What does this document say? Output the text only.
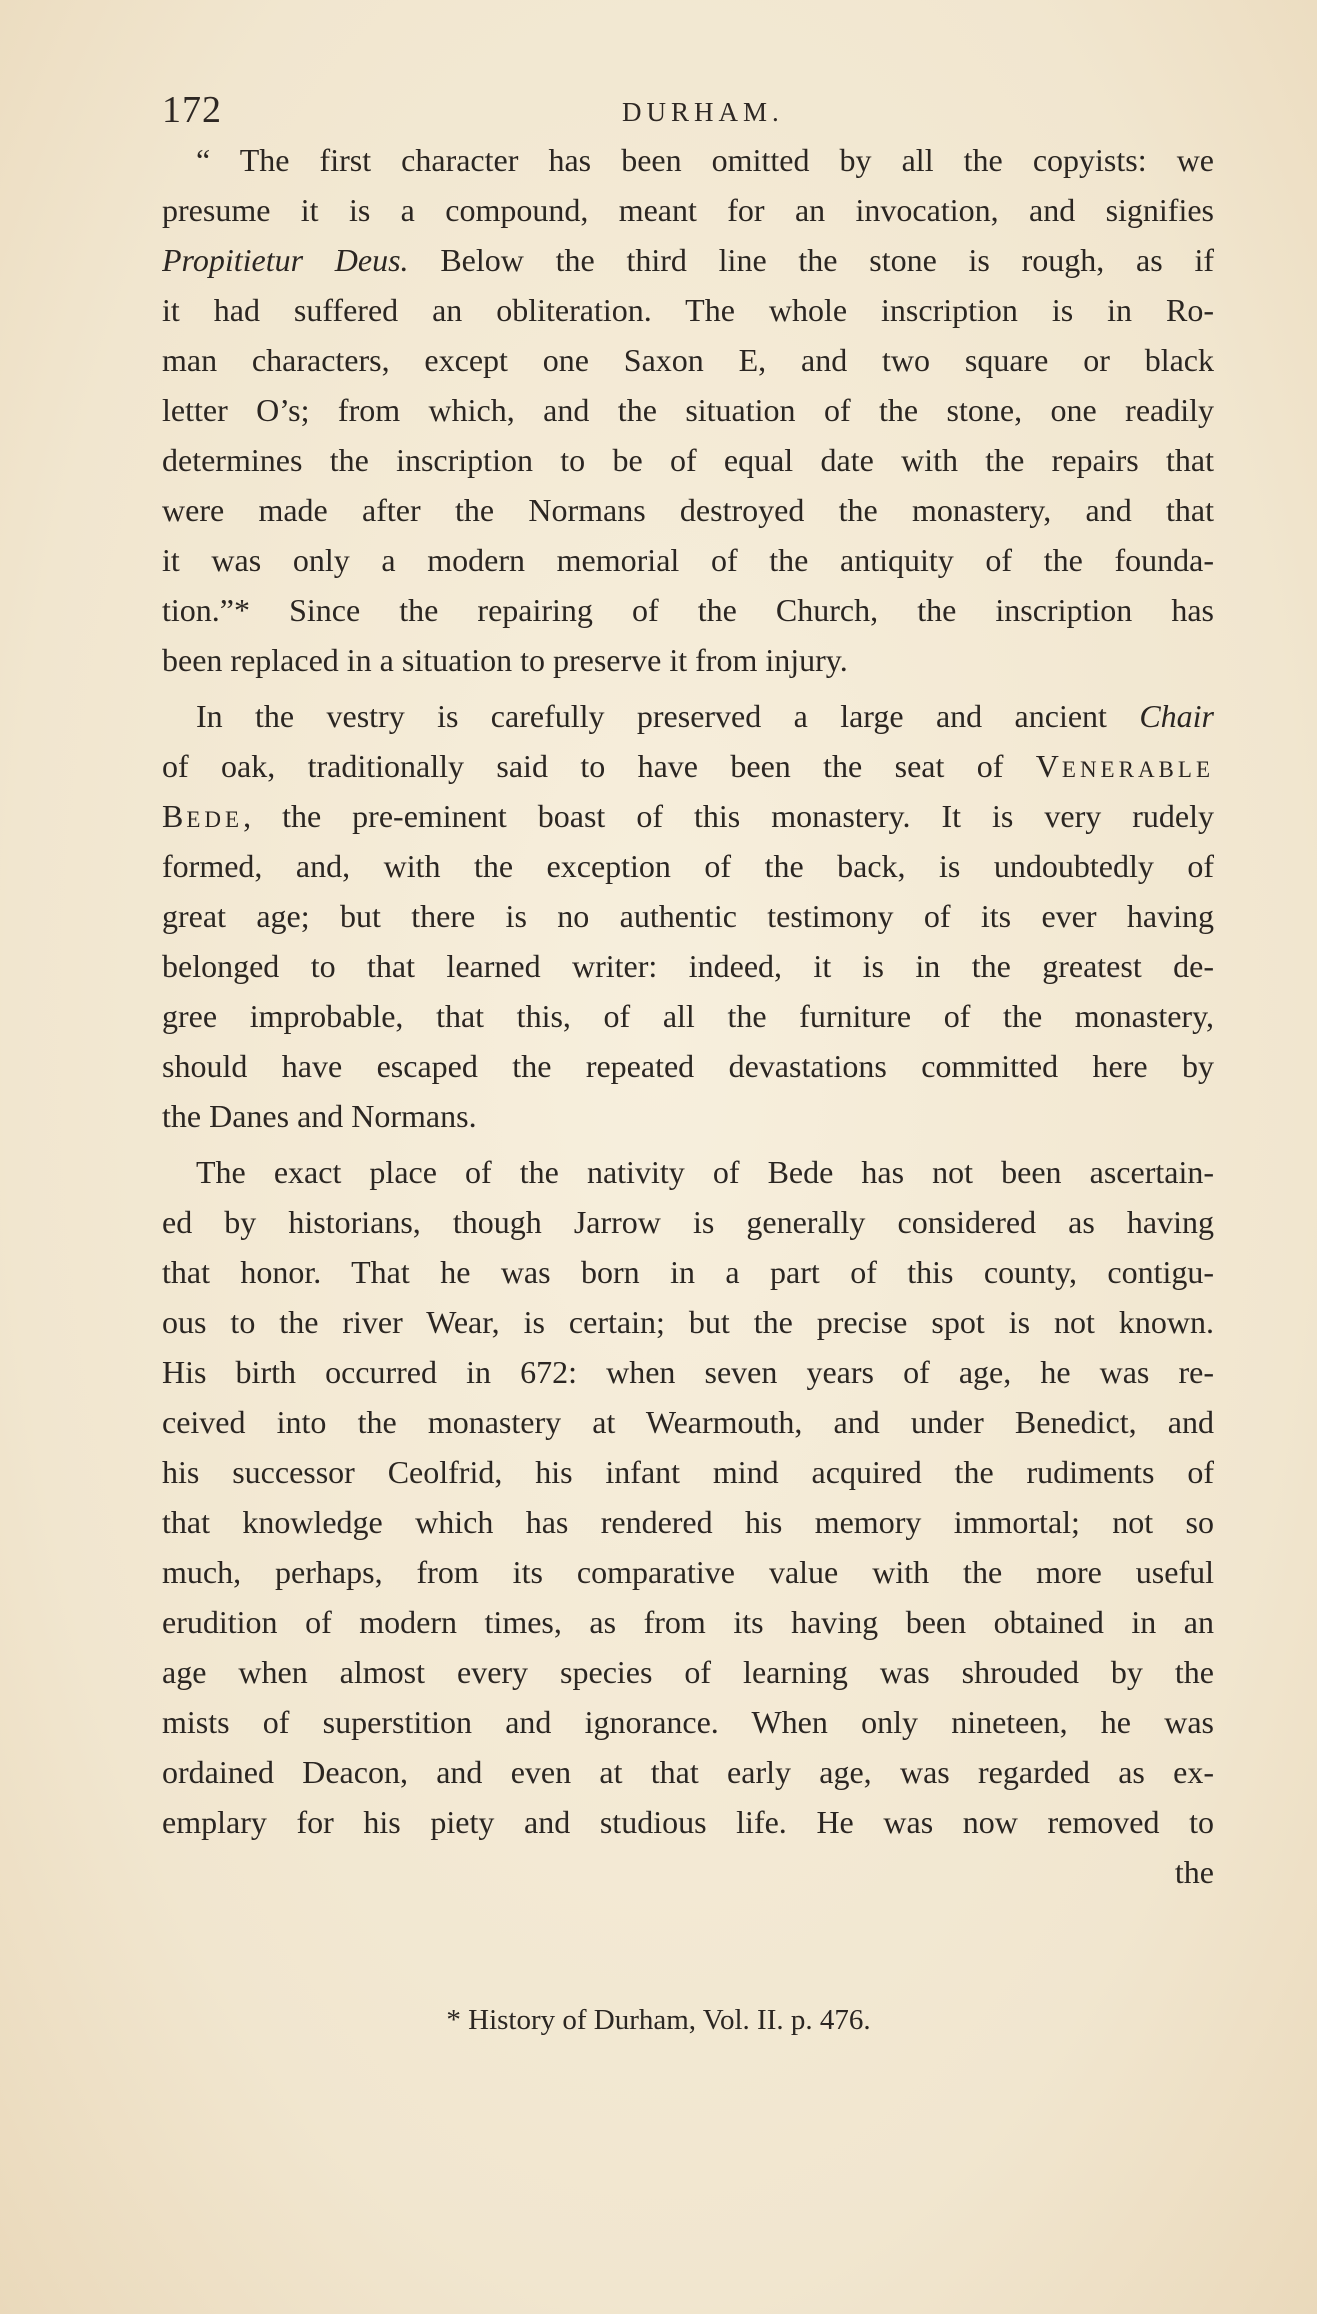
172	DURHAM.
“ The first character has been omitted by all the copyists: we
presume it is a compound, meant for an invocation, and signifies
Propitietur Deus. Below the third line the stone is rough, as if
it had suffered an obliteration. The whole inscription is in Ro-
man characters, except one Saxon E, and two square or black
letter O’s; from which, and the situation of the stone, one readily
determines the inscription to be of equal date with the repairs that
were made after the Normans destroyed the monastery, and that
it was only a modern memorial of the antiquity of the founda-
tion.”* Since the repairing of the Church, the inscription has
been replaced in a situation to preserve it from injury.
In the vestry is carefully preserved a large and ancient Chair
of oak, traditionally said to have been the seat of VENERABLE
BEDE, the pre-eminent boast of this monastery. It is very rudely
formed, and, with the exception of the back, is undoubtedly of
great age; but there is no authentic testimony of its ever having
belonged to that learned writer: indeed, it is in the greatest de-
gree improbable, that this, of all the furniture of the monastery,
should have escaped the repeated devastations committed here by
the Danes and Normans.
The exact place of the nativity of Bede has not been ascertain-
ed by historians, though Jarrow is generally considered as having
that honor. That he was born in a part of this county, contigu-
ous to the river Wear, is certain; but the precise spot is not known.
His birth occurred in 672: when seven years of age, he was re-
ceived into the monastery at Wearmouth, and under Benedict, and
his successor Ceolfrid, his infant mind acquired the rudiments of
that knowledge which has rendered his memory immortal; not so
much, perhaps, from its comparative value with the more useful
erudition of modern times, as from its having been obtained in an
age when almost every species of learning was shrouded by the
mists of superstition and ignorance. When only nineteen, he was
ordained Deacon, and even at that early age, was regarded as ex-
emplary for his piety and studious life. He was now removed to
the
* History of Durham, Vol. II. p. 476.
